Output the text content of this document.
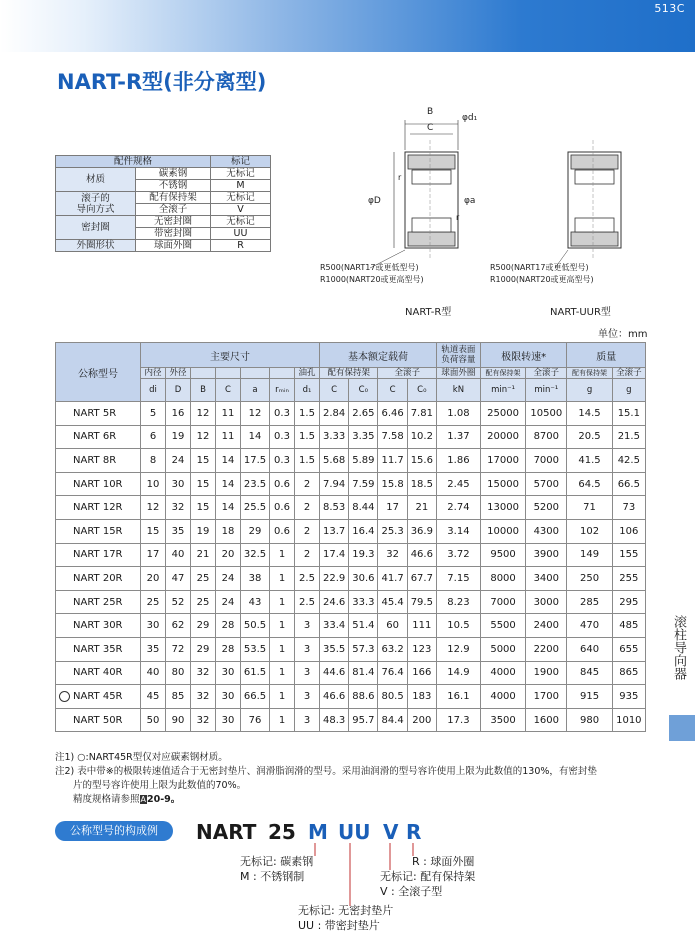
513C
NART-R型(非分离型)
配件规格		标记
材质	碳素钢	无标记
	不锈钢	M
滚子的
导向方式	配有保持架	无标记
	全滚子	V
密封圈	无密封圈	无标记
	带密封圈	UU
外圈形状	球面外圈	R
B
C
φd₁
φD	φa
r
r
R500(NART17或更低型号)
R1000(NART20或更高型号)
NART-R型
R500(NART17或更低型号)
R1000(NART20或更高型号)
NART-UUR型
单位：mm
公称型号	主要尺寸							基本额定载荷				轨道表面
负荷容量	极限转速*		质量	
	内径	外径					油孔	配有保持架		全滚子		球面外圈	配有保持架	全滚子	配有保持架	全滚子
	di	D	B	C	a	rₘᵢₙ	d₁	C	C₀	C	C₀	kN	min⁻¹	min⁻¹	g	g
NART 5R	5	16	12	11	12	0.3	1.5	2.84	2.65	6.46	7.81	1.08	25000	10500	14.5	15.1
NART 6R	6	19	12	11	14	0.3	1.5	3.33	3.35	7.58	10.2	1.37	20000	8700	20.5	21.5
NART 8R	8	24	15	14	17.5	0.3	1.5	5.68	5.89	11.7	15.6	1.86	17000	7000	41.5	42.5
NART 10R	10	30	15	14	23.5	0.6	2	7.94	7.59	15.8	18.5	2.45	15000	5700	64.5	66.5
NART 12R	12	32	15	14	25.5	0.6	2	8.53	8.44	17	21	2.74	13000	5200	71	73
NART 15R	15	35	19	18	29	0.6	2	13.7	16.4	25.3	36.9	3.14	10000	4300	102	106
NART 17R	17	40	21	20	32.5	1	2	17.4	19.3	32	46.6	3.72	9500	3900	149	155
NART 20R	20	47	25	24	38	1	2.5	22.9	30.6	41.7	67.7	7.15	8000	3400	250	255
NART 25R	25	52	25	24	43	1	2.5	24.6	33.3	45.4	79.5	8.23	7000	3000	285	295
NART 30R	30	62	29	28	50.5	1	3	33.4	51.4	60	111	10.5	5500	2400	470	485
NART 35R	35	72	29	28	53.5	1	3	35.5	57.3	63.2	123	12.9	5000	2200	640	655
NART 40R	40	80	32	30	61.5	1	3	44.6	81.4	76.4	166	14.9	4000	1900	845	865
NART 45R	45	85	32	30	66.5	1	3	46.6	88.6	80.5	183	16.1	4000	1700	915	935
NART 50R	50	90	32	30	76	1	3	48.3	95.7	84.4	200	17.3	3500	1600	980	1010
滚柱导向器
注1) ○:NART45R型仅对应碳素钢材质。
注2) 表中带※的极限转速值适合于无密封垫片、润滑脂润滑的型号。采用油润滑的型号容许使用上限为此数值的130%，有密封垫
片的型号容许使用上限为此数值的70%。
精度规格请参照A20-9。
公称型号的构成例	NART 25 M UU V R
无标记: 碳素钢
M : 不锈钢制
R : 球面外圈
无标记: 配有保持架
V : 全滚子型
无标记: 无密封垫片
UU : 带密封垫片
